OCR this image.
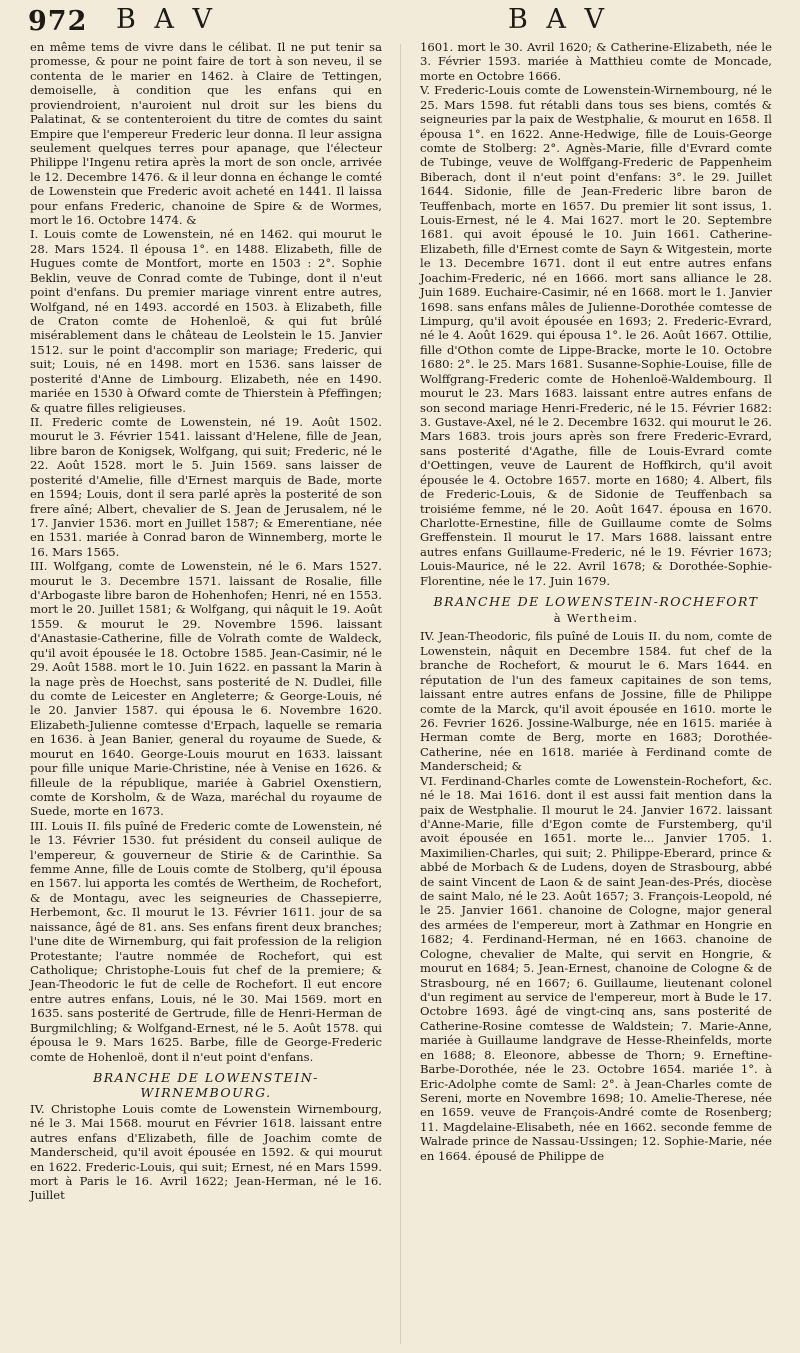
972 B A V	B A V

en même tems de vivre dans le célibat. Il ne put tenir sa promesse, & pour ne point faire de tort à son neveu, il se contenta de le marier en 1462. à Claire de Tettingen, demoiselle, à condition que les enfans qui en proviendroient, n'auroient nul droit sur les biens du Palatinat, & se contenteroient du titre de comtes du saint Empire que l'empereur Frederic leur donna. Il leur assigna seulement quelques terres pour apanage, que l'électeur Philippe l'Ingenu retira après la mort de son oncle, arrivée le 12. Decembre 1476. & il leur donna en échange le comté de Lowenstein que Frederic avoit acheté en 1441. Il laissa pour enfans Frederic, chanoine de Spire & de Wormes, mort le 16. Octobre 1474. &

I. Louis comte de Lowenstein, né en 1462. qui mourut le 28. Mars 1524. Il épousa 1°. en 1488. Elizabeth, fille de Hugues comte de Montfort, morte en 1503 : 2°. Sophie Beklin, veuve de Conrad comte de Tubinge, dont il n'eut point d'enfans. Du premier mariage vinrent entre autres, Wolfgand, né en 1493. accordé en 1503. à Elizabeth, fille de Craton comte de Hohenloë, & qui fut brûlé misérablement dans le château de Leolstein le 15. Janvier 1512. sur le point d'accomplir son mariage; Frederic, qui suit; Louis, né en 1498. mort en 1536. sans laisser de posterité d'Anne de Limbourg. Elizabeth, née en 1490. mariée en 1530 à Ofward comte de Thierstein à Pfeffingen; & quatre filles religieuses.

II. Frederic comte de Lowenstein, né 19. Août 1502. mourut le 3. Février 1541. laissant d'Helene, fille de Jean, libre baron de Konigsek, Wolfgang, qui suit; Frederic, né le 22. Août 1528. mort le 5. Juin 1569. sans laisser de posterité d'Amelie, fille d'Ernest marquis de Bade, morte en 1594; Louis, dont il sera parlé après la posterité de son frere aîné; Albert, chevalier de S. Jean de Jerusalem, né le 17. Janvier 1536. mort en Juillet 1587; & Emerentiane, née en 1531. mariée à Conrad baron de Winnemberg, morte le 16. Mars 1565.

III. Wolfgang, comte de Lowenstein, né le 6. Mars 1527. mourut le 3. Decembre 1571. laissant de Rosalie, fille d'Arbogaste libre baron de Hohenhofen; Henri, né en 1553. mort le 20. Juillet 1581; & Wolfgang, qui nâquit le 19. Août 1559. & mourut le 29. Novembre 1596. laissant d'Anastasie-Catherine, fille de Volrath comte de Waldeck, qu'il avoit épousée le 18. Octobre 1585. Jean-Casimir, né le 29. Août 1588. mort le 10. Juin 1622. en passant la Marin à la nage près de Hoechst, sans posterité de N. Dudlei, fille du comte de Leicester en Angleterre; & George-Louis, né le 20. Janvier 1587. qui épousa le 6. Novembre 1620. Elizabeth-Julienne comtesse d'Erpach, laquelle se remaria en 1636. à Jean Banier, general du royaume de Suede, & mourut en 1640. George-Louis mourut en 1633. laissant pour fille unique Marie-Christine, née à Venise en 1626. & filleule de la république, mariée à Gabriel Oxenstiern, comte de Korsholm, & de Waza, maréchal du royaume de Suede, morte en 1673.

III. Louis II. fils puîné de Frederic comte de Lowenstein, né le 13. Février 1530. fut président du conseil aulique de l'empereur, & gouverneur de Stirie & de Carinthie. Sa femme Anne, fille de Louis comte de Stolberg, qu'il épousa en 1567. lui apporta les comtés de Wertheim, de Rochefort, & de Montagu, avec les seigneuries de Chassepierre, Herbemont, &c. Il mourut le 13. Février 1611. jour de sa naissance, âgé de 81. ans. Ses enfans firent deux branches; l'une dite de Wirnemburg, qui fait profession de la religion Protestante; l'autre nommée de Rochefort, qui est Catholique; Christophe-Louis fut chef de la premiere; & Jean-Theodoric le fut de celle de Rochefort. Il eut encore entre autres enfans, Louis, né le 30. Mai 1569. mort en 1635. sans posterité de Gertrude, fille de Henri-Herman de Burgmilchling; & Wolfgand-Ernest, né le 5. Août 1578. qui épousa le 9. Mars 1625. Barbe, fille de George-Frederic comte de Hohenloë, dont il n'eut point d'enfans.

BRANCHE DE LOWENSTEIN-WIRNEMBOURG.

IV. Christophe Louis comte de Lowenstein Wirnembourg, né le 3. Mai 1568. mourut en Février 1618. laissant entre autres enfans d'Elizabeth, fille de Joachim comte de Manderscheid, qu'il avoit épousée en 1592. & qui mourut en 1622. Frederic-Louis, qui suit; Ernest, né en Mars 1599. mort à Paris le 16. Avril 1622; Jean-Herman, né le 16. Juillet

1601. mort le 30. Avril 1620; & Catherine-Elizabeth, née le 3. Février 1593. mariée à Matthieu comte de Moncade, morte en Octobre 1666.

V. Frederic-Louis comte de Lowenstein-Wirnembourg, né le 25. Mars 1598. fut rétabli dans tous ses biens, comtés & seigneuries par la paix de Westphalie, & mourut en 1658. Il épousa 1°. en 1622. Anne-Hedwige, fille de Louis-George comte de Stolberg: 2°. Agnès-Marie, fille d'Evrard comte de Tubinge, veuve de Wolffgang-Frederic de Pappenheim Biberach, dont il n'eut point d'enfans: 3°. le 29. Juillet 1644. Sidonie, fille de Jean-Frederic libre baron de Teuffenbach, morte en 1657. Du premier lit sont issus, 1. Louis-Ernest, né le 4. Mai 1627. mort le 20. Septembre 1681. qui avoit épousé le 10. Juin 1661. Catherine-Elizabeth, fille d'Ernest comte de Sayn & Witgestein, morte le 13. Decembre 1671. dont il eut entre autres enfans Joachim-Frederic, né en 1666. mort sans alliance le 28. Juin 1689. Euchaire-Casimir, né en 1668. mort le 1. Janvier 1698. sans enfans mâles de Julienne-Dorothée comtesse de Limpurg, qu'il avoit épousée en 1693; 2. Frederic-Evrard, né le 4. Août 1629. qui épousa 1°. le 26. Août 1667. Ottilie, fille d'Othon comte de Lippe-Bracke, morte le 10. Octobre 1680: 2°. le 25. Mars 1681. Susanne-Sophie-Louise, fille de Wolffgrang-Frederic comte de Hohenloë-Waldembourg. Il mourut le 23. Mars 1683. laissant entre autres enfans de son second mariage Henri-Frederic, né le 15. Février 1682: 3. Gustave-Axel, né le 2. Decembre 1632. qui mourut le 26. Mars 1683. trois jours après son frere Frederic-Evrard, sans posterité d'Agathe, fille de Louis-Evrard comte d'Oettingen, veuve de Laurent de Hoffkirch, qu'il avoit épousée le 4. Octobre 1657. morte en 1680; 4. Albert, fils de Frederic-Louis, & de Sidonie de Teuffenbach sa troisiéme femme, né le 20. Août 1647. épousa en 1670. Charlotte-Ernestine, fille de Guillaume comte de Solms Greffenstein. Il mourut le 17. Mars 1688. laissant entre autres enfans Guillaume-Frederic, né le 19. Février 1673; Louis-Maurice, né le 22. Avril 1678; & Dorothée-Sophie-Florentine, née le 17. Juin 1679.

BRANCHE DE LOWENSTEIN-ROCHEFORT
à Wertheim.

IV. Jean-Theodoric, fils puîné de Louis II. du nom, comte de Lowenstein, nâquit en Decembre 1584. fut chef de la branche de Rochefort, & mourut le 6. Mars 1644. en réputation de l'un des fameux capitaines de son tems, laissant entre autres enfans de Jossine, fille de Philippe comte de la Marck, qu'il avoit épousée en 1610. morte le 26. Fevrier 1626. Jossine-Walburge, née en 1615. mariée à Herman comte de Berg, morte en 1683; Dorothée-Catherine, née en 1618. mariée à Ferdinand comte de Manderscheid; &

VI. Ferdinand-Charles comte de Lowenstein-Rochefort, &c. né le 18. Mai 1616. dont il est aussi fait mention dans la paix de Westphalie. Il mourut le 24. Janvier 1672. laissant d'Anne-Marie, fille d'Egon comte de Furstemberg, qu'il avoit épousée en 1651. morte le... Janvier 1705. 1. Maximilien-Charles, qui suit; 2. Philippe-Eberard, prince & abbé de Morbach & de Ludens, doyen de Strasbourg, abbé de saint Vincent de Laon & de saint Jean-des-Prés, diocèse de saint Malo, né le 23. Août 1657; 3. François-Leopold, né le 25. Janvier 1661. chanoine de Cologne, major general des armées de l'empereur, mort à Zathmar en Hongrie en 1682; 4. Ferdinand-Herman, né en 1663. chanoine de Cologne, chevalier de Malte, qui servit en Hongrie, & mourut en 1684; 5. Jean-Ernest, chanoine de Cologne & de Strasbourg, né en 1667; 6. Guillaume, lieutenant colonel d'un regiment au service de l'empereur, mort à Bude le 17. Octobre 1693. âgé de vingt-cinq ans, sans posterité de Catherine-Rosine comtesse de Waldstein; 7. Marie-Anne, mariée à Guillaume landgrave de Hesse-Rheinfelds, morte en 1688; 8. Eleonore, abbesse de Thorn; 9. Erneftine-Barbe-Dorothée, née le 23. Octobre 1654. mariée 1°. à Eric-Adolphe comte de Saml: 2°. à Jean-Charles comte de Sereni, morte en Novembre 1698; 10. Amelie-Therese, née en 1659. veuve de François-André comte de Rosenberg; 11. Magdelaine-Elisabeth, née en 1662. seconde femme de Walrade prince de Nassau-Ussingen; 12. Sophie-Marie, née en 1664. épousé de Philippe de
